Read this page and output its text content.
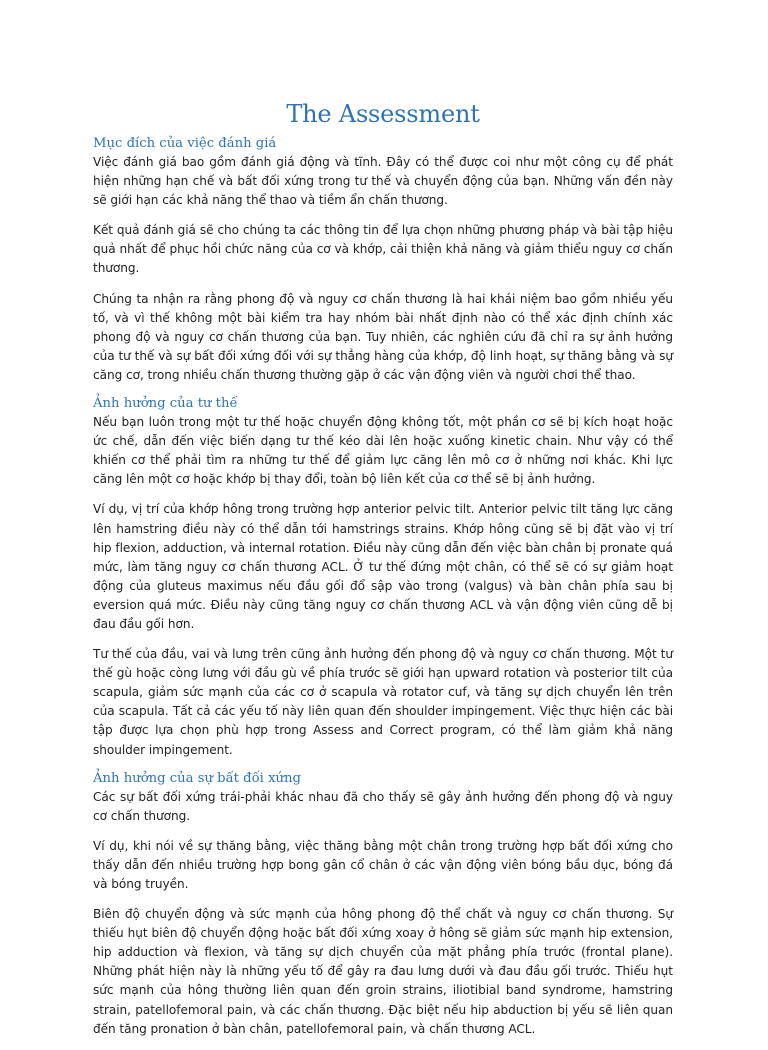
The Assessment
Mục đích của việc đánh giá

Việc đánh giá bao gồm đánh giá động và tĩnh. Đây có thể được coi như một công cụ để phát hiện những hạn chế và bất đối xứng trong tư thế và chuyển động của bạn. Những vấn đền này sẽ giới hạn các khả năng thể thao và tiềm ẩn chấn thương.

Kết quả đánh giá sẽ cho chúng ta các thông tin để lựa chọn những phương pháp và bài tập hiệu quả nhất để phục hồi chức năng của cơ và khớp, cải thiện khả năng và giảm thiểu nguy cơ chấn thương.

Chúng ta nhận ra rằng phong độ và nguy cơ chấn thương là hai khái niệm bao gồm nhiều yếu tố, và vì thế không một bài kiểm tra hay nhóm bài nhất định nào có thể xác định chính xác phong độ và nguy cơ chấn thương của bạn. Tuy nhiên, các nghiên cứu đã chỉ ra sự ảnh hưởng của tư thế và sự bất đối xứng đối với sự thẳng hàng của khớp, độ linh hoạt, sự thăng bằng và sự căng cơ, trong nhiều chấn thương thường gặp ở các vận động viên và người chơi thể thao.

Ảnh hưởng của tư thế

Nếu bạn luôn trong một tư thế hoặc chuyển động không tốt, một phần cơ sẽ bị kích hoạt hoặc ức chế, dẫn đến việc biến dạng tư thế kéo dài lên hoặc xuống kinetic chain. Như vậy có thể khiến cơ thể phải tìm ra những tư thế để giảm lực căng lên mô cơ ở những nơi khác. Khi lực căng lên một cơ hoặc khớp bị thay đổi, toàn bộ liên kết của cơ thể sẽ bị ảnh hưởng.

Ví dụ, vị trí của khớp hông trong trường hợp anterior pelvic tilt. Anterior pelvic tilt tăng lực căng lên hamstring điều này có thể dẫn tới hamstrings strains. Khớp hông cũng sẽ bị đặt vào vị trí hip flexion, adduction, và internal rotation. Điều này cũng dẫn đến việc bàn chân bị pronate quá mức, làm tăng nguy cơ chấn thương ACL. Ở tư thế đứng một chân, có thể sẽ có sự giảm hoạt động của gluteus maximus nếu đầu gối đổ sập vào trong (valgus) và bàn chân phía sau bị eversion quá mức. Điều này cũng tăng nguy cơ chấn thương ACL và vận động viên cũng dễ bị đau đầu gối hơn.

Tư thế của đầu, vai và lưng trên cũng ảnh hưởng đến phong độ và nguy cơ chấn thương. Một tư thế gù hoặc còng lưng với đầu gù về phía trước sẽ giới hạn upward rotation và posterior tilt của scapula, giảm sức mạnh của các cơ ở scapula và rotator cuf, và tăng sự dịch chuyển lên trên của scapula. Tất cả các yếu tố này liên quan đến shoulder impingement. Việc thực hiện các bài tập được lựa chọn phù hợp trong Assess and Correct program, có thể làm giảm khả năng shoulder impingement.

Ảnh hưởng của sự bất đối xứng

Các sự bất đối xứng trái-phải khác nhau đã cho thấy sẽ gây ảnh hưởng đến phong độ và nguy cơ chấn thương.

Ví dụ, khi nói về sự thăng bằng, việc thăng bằng một chân trong trường hợp bất đối xứng cho thấy dẫn đến nhiều trường hợp bong gân cổ chân ở các vận động viên bóng bầu dục, bóng đá và bóng truyền.

Biên độ chuyển động và sức mạnh của hông phong độ thể chất và nguy cơ chấn thương. Sự thiếu hụt biên độ chuyển động hoặc bất đối xứng xoay ở hông sẽ giảm sức mạnh hip extension, hip adduction và flexion, và tăng sự dịch chuyển của mặt phẳng phía trước (frontal plane). Những phát hiện này là những yếu tố để gây ra đau lưng dưới và đau đầu gối trước. Thiếu hụt sức mạnh của hông thường liên quan đến groin strains, iliotibial band syndrome, hamstring strain, patellofemoral pain, và các chấn thương. Đặc biệt nếu hip abduction bị yếu sẽ liên quan đến tăng pronation ở bàn chân, patellofemoral pain, và chấn thương ACL.
